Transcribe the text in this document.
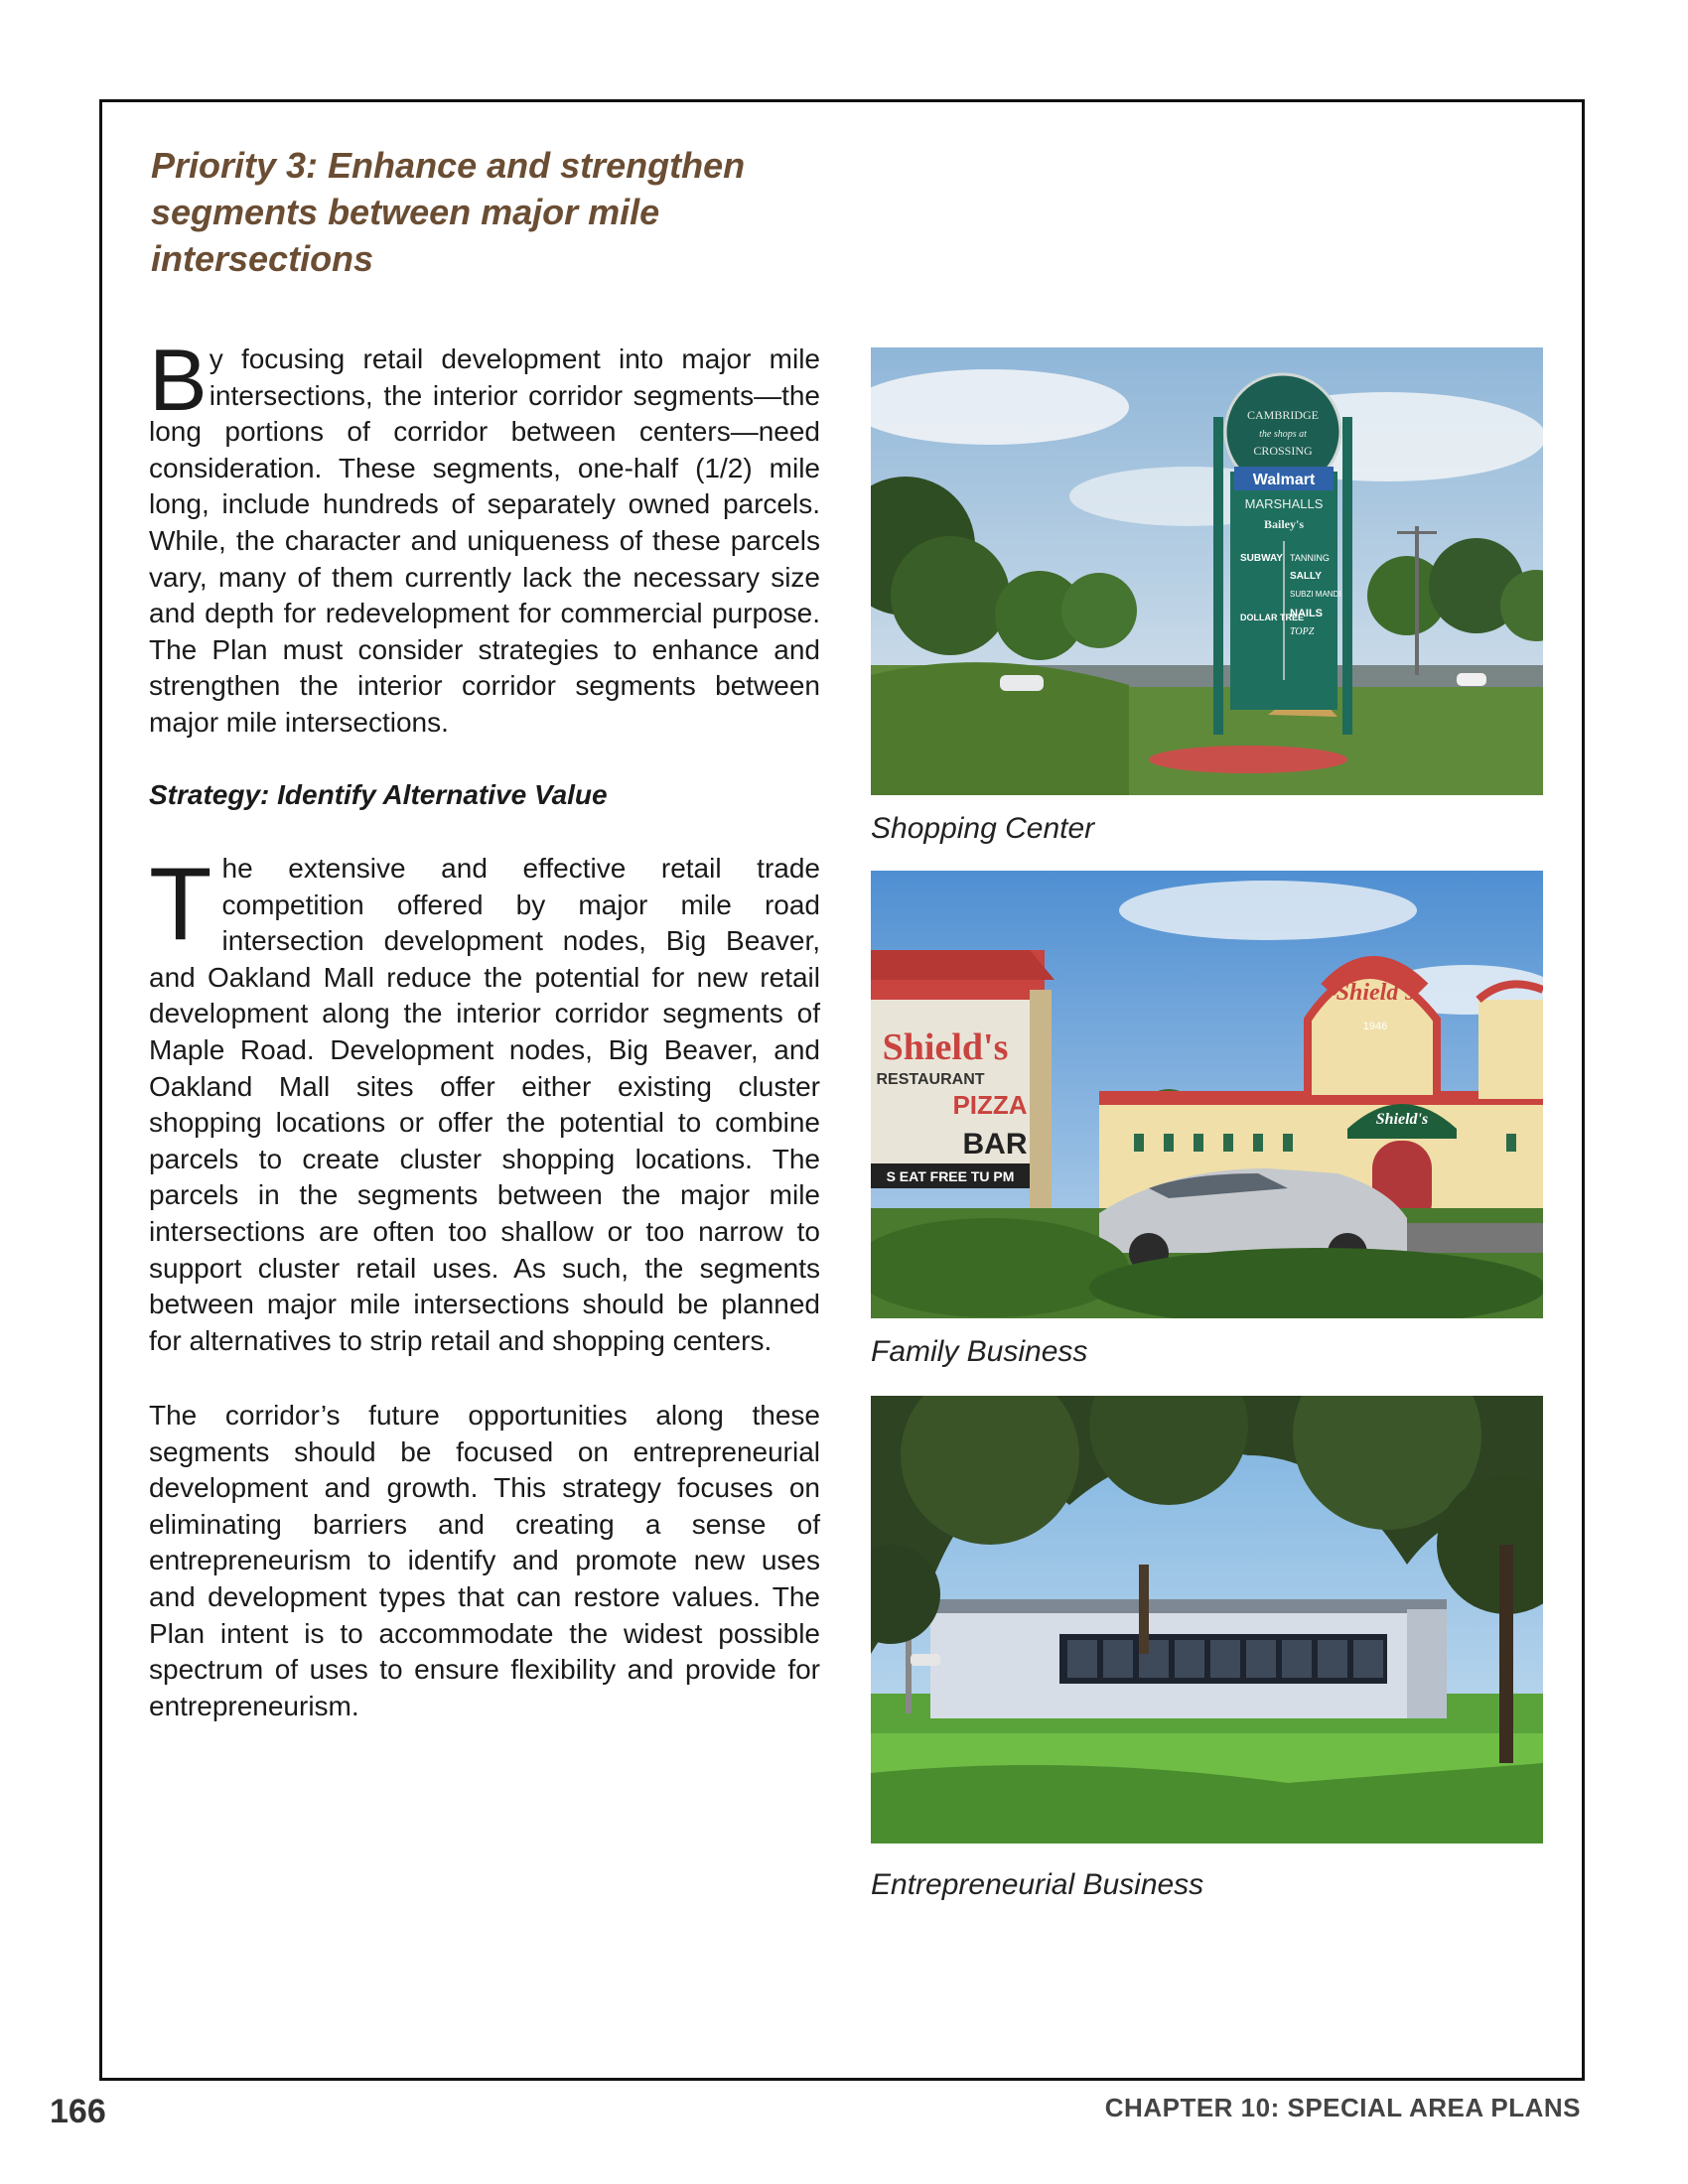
Priority 3: Enhance and strengthen segments between major mile intersections
B y focusing retail development into major mile intersections, the interior corridor segments—the long portions of corridor between centers—need consideration. These segments, one-half (1/2) mile long, include hundreds of separately owned parcels. While, the character and uniqueness of these parcels vary, many of them currently lack the necessary size and depth for redevelopment for commercial purpose. The Plan must consider strategies to enhance and strengthen the interior corridor segments between major mile intersections.

Strategy: Identify Alternative Value

T he extensive and effective retail trade competition offered by major mile road intersection development nodes, Big Beaver, and Oakland Mall reduce the potential for new retail development along the interior corridor segments of Maple Road. Development nodes, Big Beaver, and Oakland Mall sites offer either existing cluster shopping locations or offer the potential to combine parcels to create cluster shopping locations. The parcels in the segments between the major mile intersections are often too shallow or too narrow to support cluster retail uses. As such, the segments between major mile intersections should be planned for alternatives to strip retail and shopping centers.
The corridor’s future opportunities along these segments should be focused on entrepreneurial development and growth. This strategy focuses on eliminating barriers and creating a sense of entrepreneurism to identify and promote new uses and development types that can restore values. The Plan intent is to accommodate the widest possible spectrum of uses to ensure flexibility and provide for entrepreneurism.
Walmart
MARSHALLS
Bailey's
SUBWAY
DOLLAR TREE
TANNING
SALLY
SUBZI MANDI
NAILS
TOPZ
CAMBRIDGE
the shops at
CROSSING
Shopping Center
Shield's
1946
Shield's
Shield's
RESTAURANT
PIZZA
BAR
S EAT FREE TU PM
Family Business
Entrepreneurial Business
166	CHAPTER 10: SPECIAL AREA PLANS
